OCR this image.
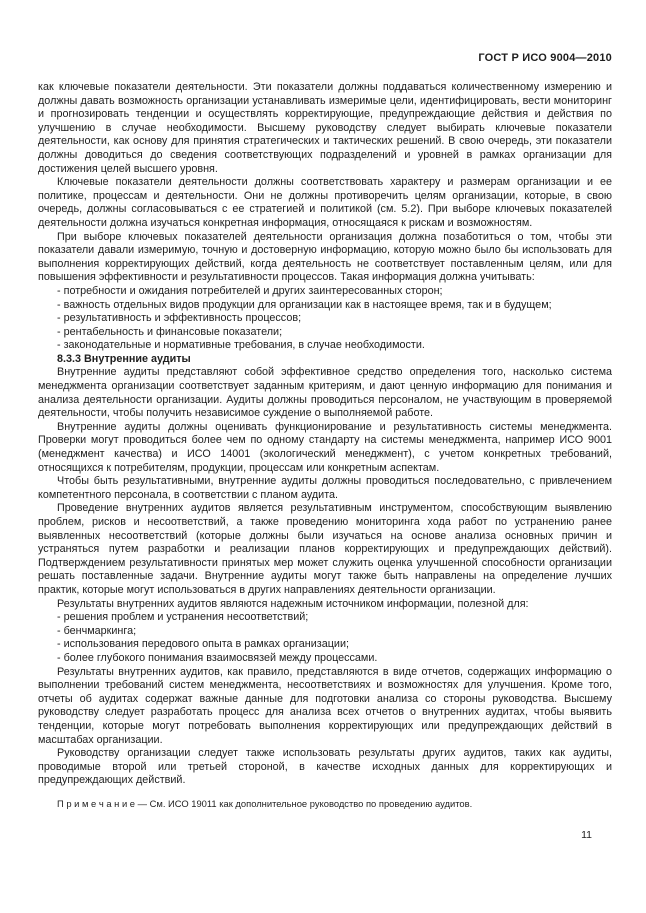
ГОСТ Р ИСО 9004—2010
как ключевые показатели деятельности. Эти показатели должны поддаваться количественному измерению и должны давать возможность организации устанавливать измеримые цели, идентифицировать, вести мониторинг и прогнозировать тенденции и осуществлять корректирующие, предупреждающие действия и действия по улучшению в случае необходимости. Высшему руководству следует выбирать ключевые показатели деятельности, как основу для принятия стратегических и тактических решений. В свою очередь, эти показатели должны доводиться до сведения соответствующих подразделений и уровней в рамках организации для достижения целей высшего уровня.
Ключевые показатели деятельности должны соответствовать характеру и размерам организации и ее политике, процессам и деятельности. Они не должны противоречить целям организации, которые, в свою очередь, должны согласовываться с ее стратегией и политикой (см. 5.2). При выборе ключевых показателей деятельности должна изучаться конкретная информация, относящаяся к рискам и возможностям.
При выборе ключевых показателей деятельности организация должна позаботиться о том, чтобы эти показатели давали измеримую, точную и достоверную информацию, которую можно было бы использовать для выполнения корректирующих действий, когда деятельность не соответствует поставленным целям, или для повышения эффективности и результативности процессов. Такая информация должна учитывать:
- потребности и ожидания потребителей и других заинтересованных сторон;
- важность отдельных видов продукции для организации как в настоящее время, так и в будущем;
- результативность и эффективность процессов;
- рентабельность и финансовые показатели;
- законодательные и нормативные требования, в случае необходимости.
8.3.3 Внутренние аудиты
Внутренние аудиты представляют собой эффективное средство определения того, насколько система менеджмента организации соответствует заданным критериям, и дают ценную информацию для понимания и анализа деятельности организации. Аудиты должны проводиться персоналом, не участвующим в проверяемой деятельности, чтобы получить независимое суждение о выполняемой работе.
Внутренние аудиты должны оценивать функционирование и результативность системы менеджмента. Проверки могут проводиться более чем по одному стандарту на системы менеджмента, например ИСО 9001 (менеджмент качества) и ИСО 14001 (экологический менеджмент), с учетом конкретных требований, относящихся к потребителям, продукции, процессам или конкретным аспектам.
Чтобы быть результативными, внутренние аудиты должны проводиться последовательно, с привлечением компетентного персонала, в соответствии с планом аудита.
Проведение внутренних аудитов является результативным инструментом, способствующим выявлению проблем, рисков и несоответствий, а также проведению мониторинга хода работ по устранению ранее выявленных несоответствий (которые должны были изучаться на основе анализа основных причин и устраняться путем разработки и реализации планов корректирующих и предупреждающих действий). Подтверждением результативности принятых мер может служить оценка улучшенной способности организации решать поставленные задачи. Внутренние аудиты могут также быть направлены на определение лучших практик, которые могут использоваться в других направлениях деятельности организации.
Результаты внутренних аудитов являются надежным источником информации, полезной для:
- решения проблем и устранения несоответствий;
- бенчмаркинга;
- использования передового опыта в рамках организации;
- более глубокого понимания взаимосвязей между процессами.
Результаты внутренних аудитов, как правило, представляются в виде отчетов, содержащих информацию о выполнении требований систем менеджмента, несоответствиях и возможностях для улучшения. Кроме того, отчеты об аудитах содержат важные данные для подготовки анализа со стороны руководства. Высшему руководству следует разработать процесс для анализа всех отчетов о внутренних аудитах, чтобы выявить тенденции, которые могут потребовать выполнения корректирующих или предупреждающих действий в масштабах организации.
Руководству организации следует также использовать результаты других аудитов, таких как аудиты, проводимые второй или третьей стороной, в качестве исходных данных для корректирующих и предупреждающих действий.
П р и м е ч а н и е — См. ИСО 19011 как дополнительное руководство по проведению аудитов.
11
